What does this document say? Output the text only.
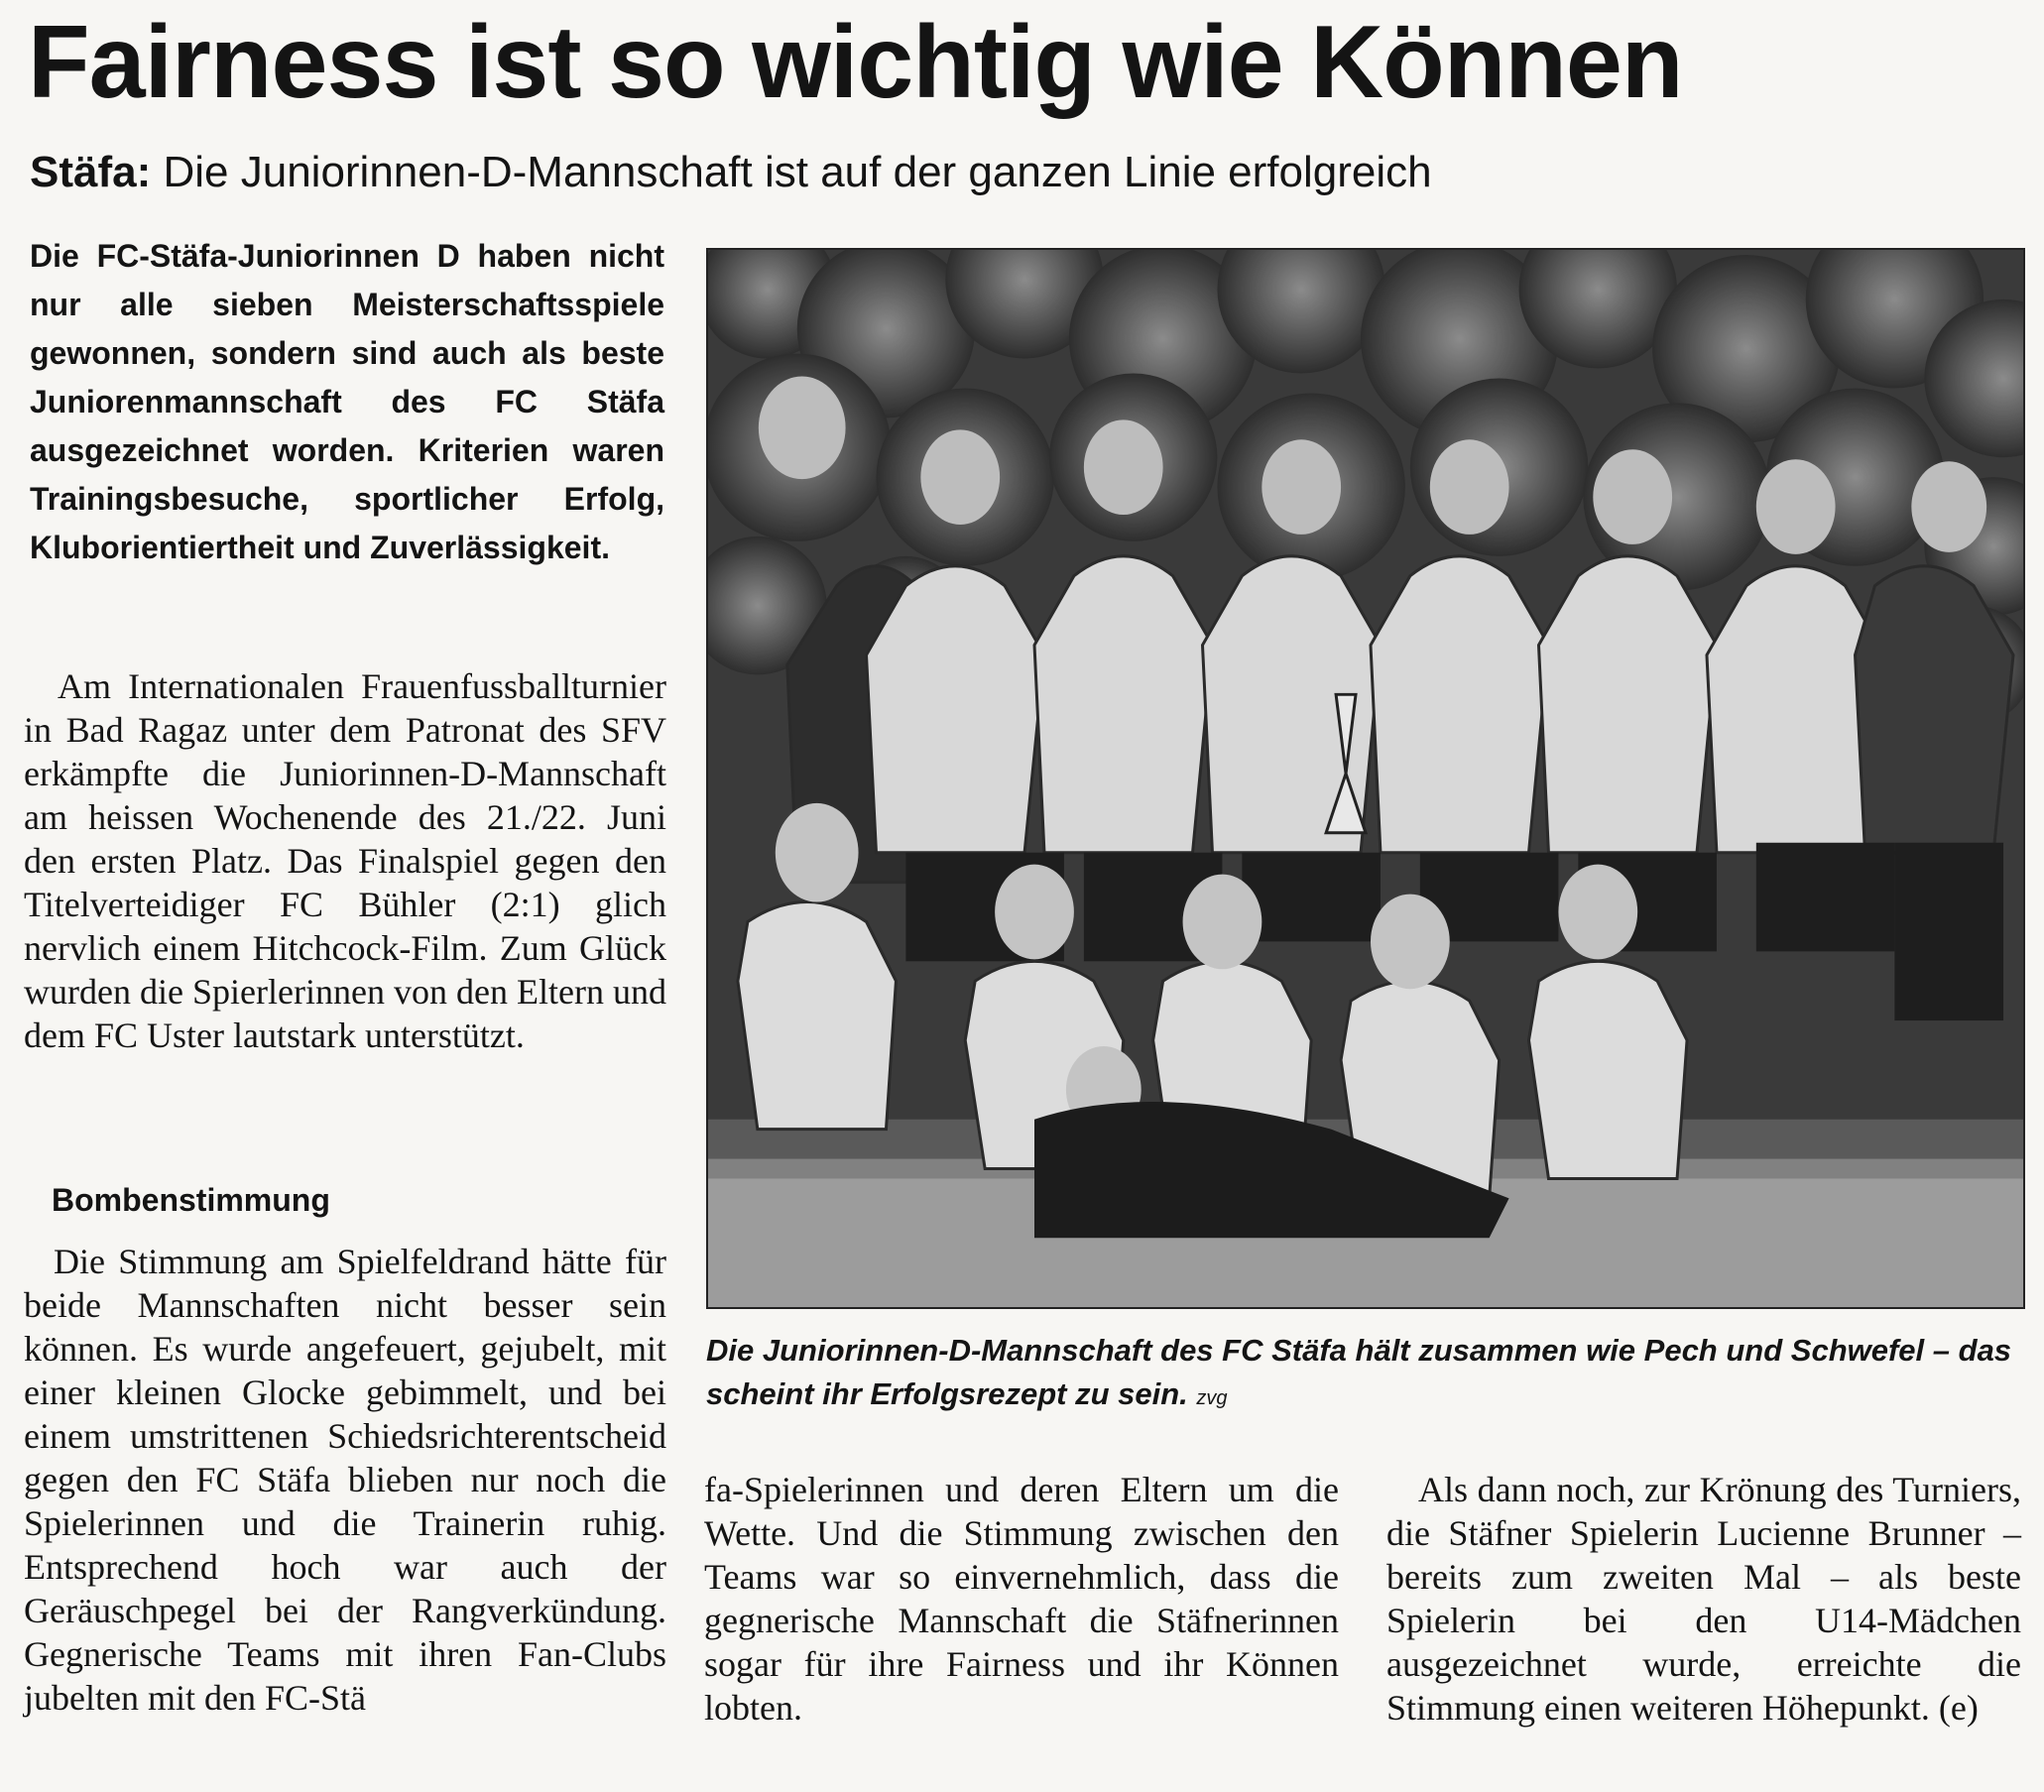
Fairness ist so wichtig wie Können

Stäfa: Die Juniorinnen-D-Mannschaft ist auf der ganzen Linie erfolgreich

Die FC-Stäfa-Juniorinnen D haben nicht nur alle sieben Meisterschaftsspiele gewonnen, sondern sind auch als beste Juniorenmannschaft des FC Stäfa ausgezeichnet worden. Kriterien waren Trainingsbesuche, sportlicher Erfolg, Kluborientiertheit und Zuverlässigkeit.

Am Internationalen Frauenfussballturnier in Bad Ragaz unter dem Patronat des SFV erkämpfte die Juniorinnen-D-Mannschaft am heissen Wochenende des 21./22. Juni den ersten Platz. Das Finalspiel gegen den Titelverteidiger FC Bühler (2:1) glich nervlich einem Hitchcock-Film. Zum Glück wurden die Spierlerinnen von den Eltern und dem FC Uster lautstark unterstützt.

Bombenstimmung

Die Stimmung am Spielfeldrand hätte für beide Mannschaften nicht besser sein können. Es wurde angefeuert, gejubelt, mit einer kleinen Glocke gebimmelt, und bei einem umstrittenen Schiedsrichterentscheid gegen den FC Stäfa blieben nur noch die Spielerinnen und die Trainerin ruhig. Entsprechend hoch war auch der Geräuschpegel bei der Rangverkündung. Gegnerische Teams mit ihren Fan-Clubs jubelten mit den FC-Stä

Die Juniorinnen-D-Mannschaft des FC Stäfa hält zusammen wie Pech und Schwefel – das scheint ihr Erfolgsrezept zu sein. zvg

fa-Spielerinnen und deren Eltern um die Wette. Und die Stimmung zwischen den Teams war so einvernehmlich, dass die gegnerische Mannschaft die Stäfnerinnen sogar für ihre Fairness und ihr Können lobten.

Als dann noch, zur Krönung des Turniers, die Stäfner Spielerin Lucienne Brunner – bereits zum zweiten Mal – als beste Spielerin bei den U14-Mädchen ausgezeichnet wurde, erreichte die Stimmung einen weiteren Höhepunkt. (e)
